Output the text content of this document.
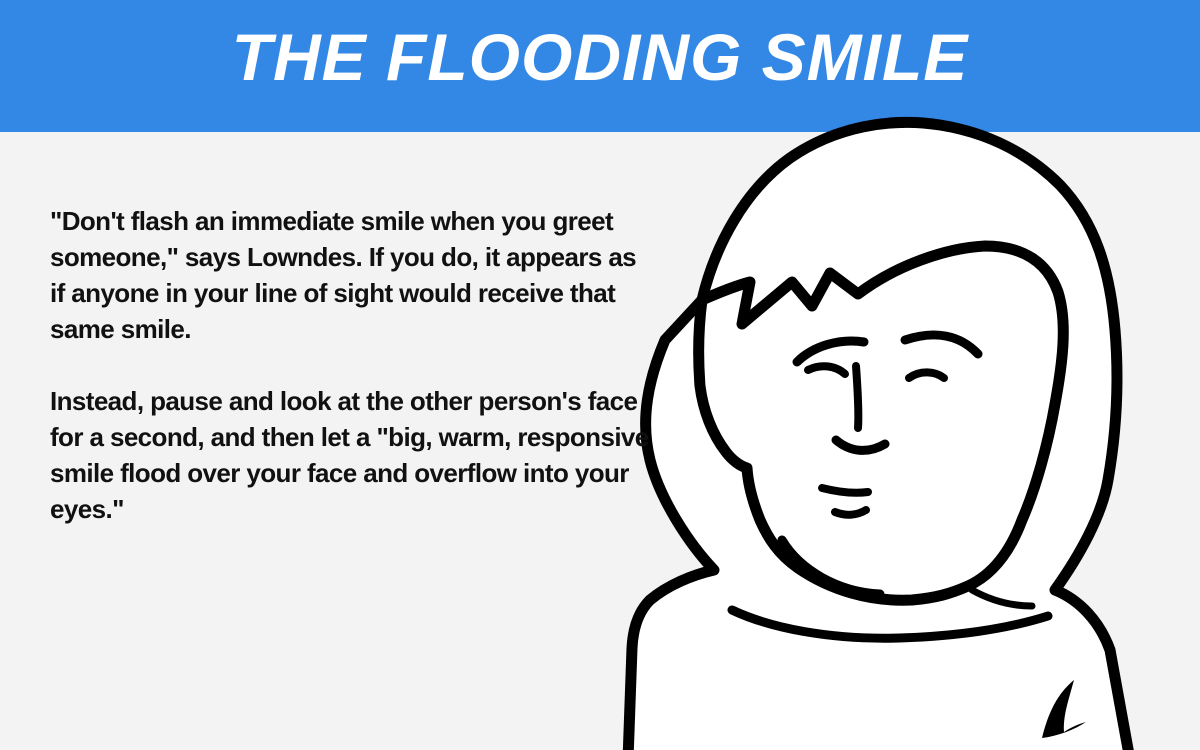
THE FLOODING SMILE

"Don't flash an immediate smile when you greet someone," says Lowndes. If you do, it appears as if anyone in your line of sight would receive that same smile.

Instead, pause and look at the other person's face for a second, and then let a "big, warm, responsive smile flood over your face and overflow into your eyes."
